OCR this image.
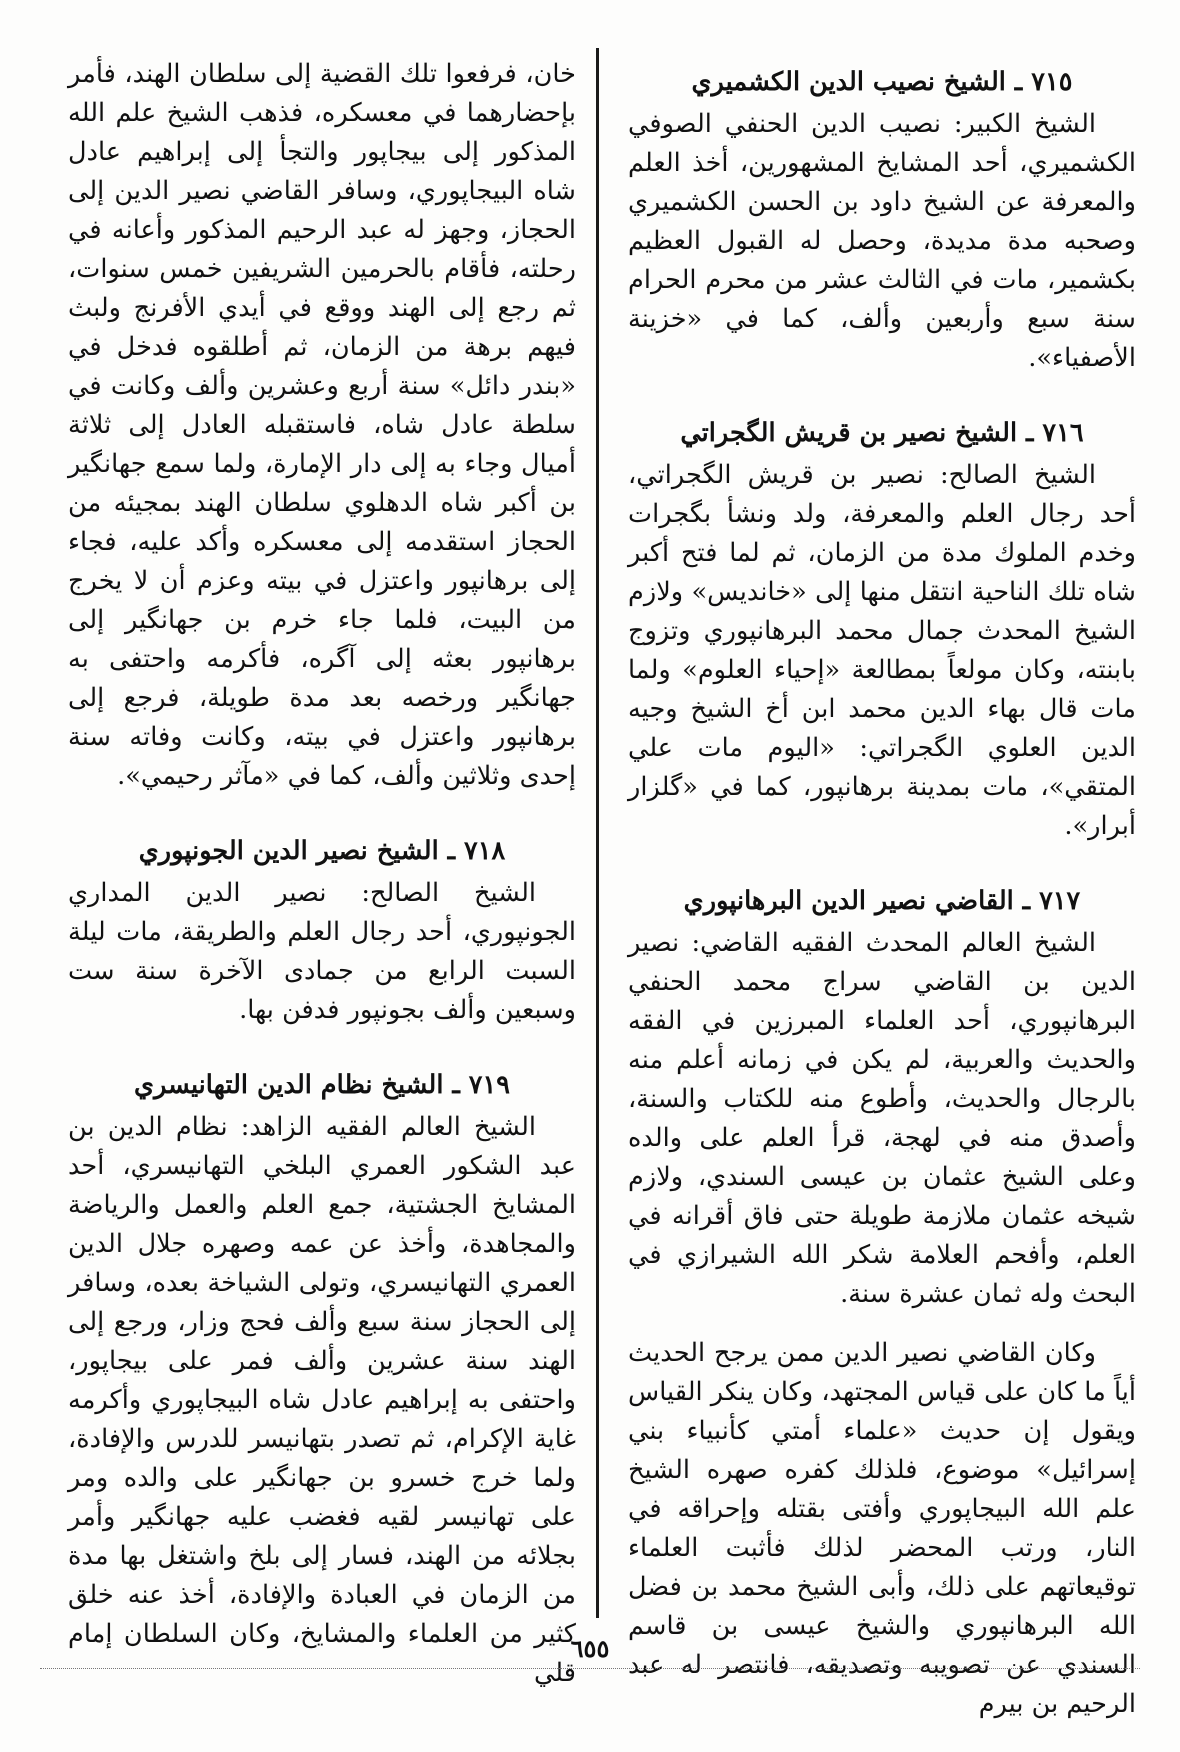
٧١٥ ـ الشيخ نصيب الدين الكشميري

الشيخ الكبير: نصيب الدين الحنفي الصوفي الكشميري، أحد المشايخ المشهورين، أخذ العلم والمعرفة عن الشيخ داود بن الحسن الكشميري وصحبه مدة مديدة، وحصل له القبول العظيم بكشمير، مات في الثالث عشر من محرم الحرام سنة سبع وأربعين وألف، كما في «خزينة الأصفياء».

٧١٦ ـ الشيخ نصير بن قريش الگجراتي

الشيخ الصالح: نصير بن قريش الگجراتي، أحد رجال العلم والمعرفة، ولد ونشأ بگجرات وخدم الملوك مدة من الزمان، ثم لما فتح أكبر شاه تلك الناحية انتقل منها إلى «خانديس» ولازم الشيخ المحدث جمال محمد البرهانپوري وتزوج بابنته، وكان مولعاً بمطالعة «إحياء العلوم» ولما مات قال بهاء الدين محمد ابن أخ الشيخ وجيه الدين العلوي الگجراتي: «اليوم مات علي المتقي»، مات بمدينة برهانپور، كما في «گلزار أبرار».

٧١٧ ـ القاضي نصير الدين البرهانپوري

الشيخ العالم المحدث الفقيه القاضي: نصير الدين بن القاضي سراج محمد الحنفي البرهانپوري، أحد العلماء المبرزين في الفقه والحديث والعربية، لم يكن في زمانه أعلم منه بالرجال والحديث، وأطوع منه للكتاب والسنة، وأصدق منه في لهجة، قرأ العلم على والده وعلى الشيخ عثمان بن عيسى السندي، ولازم شيخه عثمان ملازمة طويلة حتى فاق أقرانه في العلم، وأفحم العلامة شكر الله الشيرازي في البحث وله ثمان عشرة سنة.

وكان القاضي نصير الدين ممن يرجح الحديث أياً ما كان على قياس المجتهد، وكان ينكر القياس ويقول إن حديث «علماء أمتي كأنبياء بني إسرائيل» موضوع، فلذلك كفره صهره الشيخ علم الله البيجاپوري وأفتى بقتله وإحراقه في النار، ورتب المحضر لذلك فأثبت العلماء توقيعاتهم على ذلك، وأبى الشيخ محمد بن فضل الله البرهانپوري والشيخ عيسى بن قاسم السندي عن تصويبه وتصديقه، فانتصر له عبد الرحيم بن بيرم

خان، فرفعوا تلك القضية إلى سلطان الهند، فأمر بإحضارهما في معسكره، فذهب الشيخ علم الله المذكور إلى بيجاپور والتجأ إلى إبراهيم عادل شاه البيجاپوري، وسافر القاضي نصير الدين إلى الحجاز، وجهز له عبد الرحيم المذكور وأعانه في رحلته، فأقام بالحرمين الشريفين خمس سنوات، ثم رجع إلى الهند ووقع في أيدي الأفرنج ولبث فيهم برهة من الزمان، ثم أطلقوه فدخل في «بندر دائل» سنة أربع وعشرين وألف وكانت في سلطة عادل شاه، فاستقبله العادل إلى ثلاثة أميال وجاء به إلى دار الإمارة، ولما سمع جهانگير بن أكبر شاه الدهلوي سلطان الهند بمجيئه من الحجاز استقدمه إلى معسكره وأكد عليه، فجاء إلى برهانپور واعتزل في بيته وعزم أن لا يخرج من البيت، فلما جاء خرم بن جهانگير إلى برهانپور بعثه إلى آگره، فأكرمه واحتفى به جهانگير ورخصه بعد مدة طويلة، فرجع إلى برهانپور واعتزل في بيته، وكانت وفاته سنة إحدى وثلاثين وألف، كما في «مآثر رحيمي».

٧١٨ ـ الشيخ نصير الدين الجونپوري

الشيخ الصالح: نصير الدين المداري الجونپوري، أحد رجال العلم والطريقة، مات ليلة السبت الرابع من جمادى الآخرة سنة ست وسبعين وألف بجونپور فدفن بها.

٧١٩ ـ الشيخ نظام الدين التهانيسري

الشيخ العالم الفقيه الزاهد: نظام الدين بن عبد الشكور العمري البلخي التهانيسري، أحد المشايخ الجشتية، جمع العلم والعمل والرياضة والمجاهدة، وأخذ عن عمه وصهره جلال الدين العمري التهانيسري، وتولى الشياخة بعده، وسافر إلى الحجاز سنة سبع وألف فحج وزار، ورجع إلى الهند سنة عشرين وألف فمر على بيجاپور، واحتفى به إبراهيم عادل شاه البيجاپوري وأكرمه غاية الإكرام، ثم تصدر بتهانيسر للدرس والإفادة، ولما خرج خسرو بن جهانگير على والده ومر على تهانيسر لقيه فغضب عليه جهانگير وأمر بجلائه من الهند، فسار إلى بلخ واشتغل بها مدة من الزمان في العبادة والإفادة، أخذ عنه خلق كثير من العلماء والمشايخ، وكان السلطان إمام قلي

٦٥٥
